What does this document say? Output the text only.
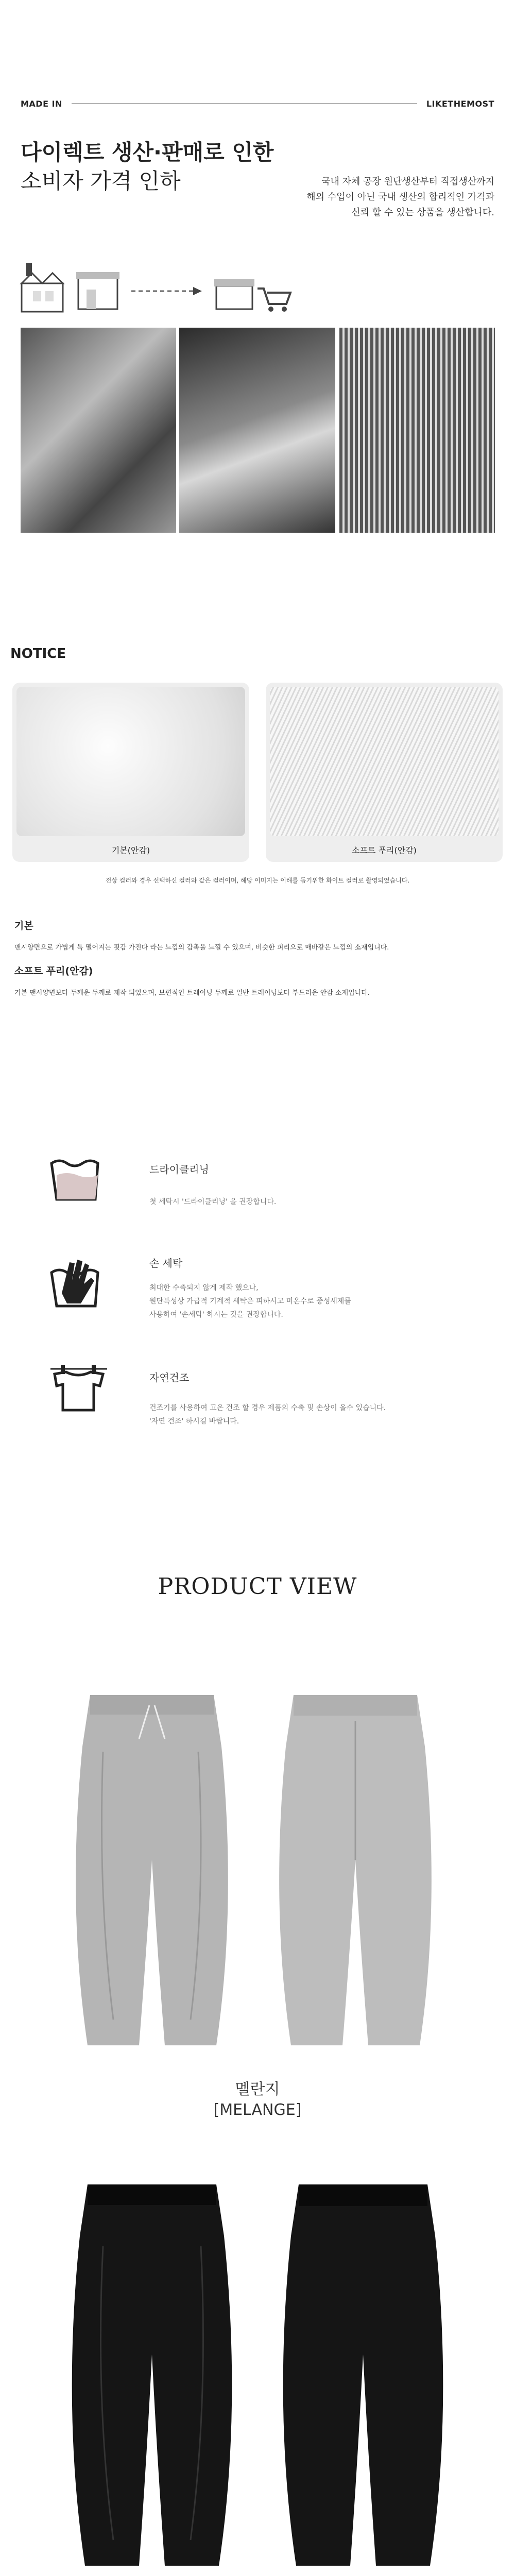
MADE IN	LIKETHEMOST
다이렉트 생산·판매로 인한
소비자 가격 인하	국내 자체 공장 원단생산부터 직접생산까지
해외 수입이 아닌 국내 생산의 합리적인 가격과
신뢰 할 수 있는 상품을 생산합니다.
NOTICE
기본(안감)	소프트 푸리(안감)
전상 컬러와 경우 선택하신 컬러와 같은 컬러이며, 해당 이미지는 이해를 돕기위한 화이트 컬러로 촬영되었습니다.
기본
맨시양면으로 가볍게 툭 떨어지는 핏감 가진다 라는 느낌의 감촉을 느낄 수 있으며, 비슷한 피리으로 매바같은 느낌의 소재입니다.
소프트 푸리(안감)
기본 맨시양면보다 두께운 두께로 제작 되었으며, 보편적인 트레이닝 두께로 일반 트레이닝보다 부드러운 안감 소재입니다.
드라이클리닝
첫 세탁시 '드라이클리닝' 을 권장합니다.
손 세탁
최대한 수축되지 않게 제작 했으나,
원단특성상 가급적 기계적 세탁은 피하시고 미온수로 중성세제를
사용하여 '손세탁' 하시는 것을 권장합니다.
자연건조
건조기를 사용하여 고온 건조 할 경우 제품의 수축 및 손상이 올수 있습니다.
'자연 건조' 하시길 바랍니다.
PRODUCT VIEW
멜란지
[MELANGE]
